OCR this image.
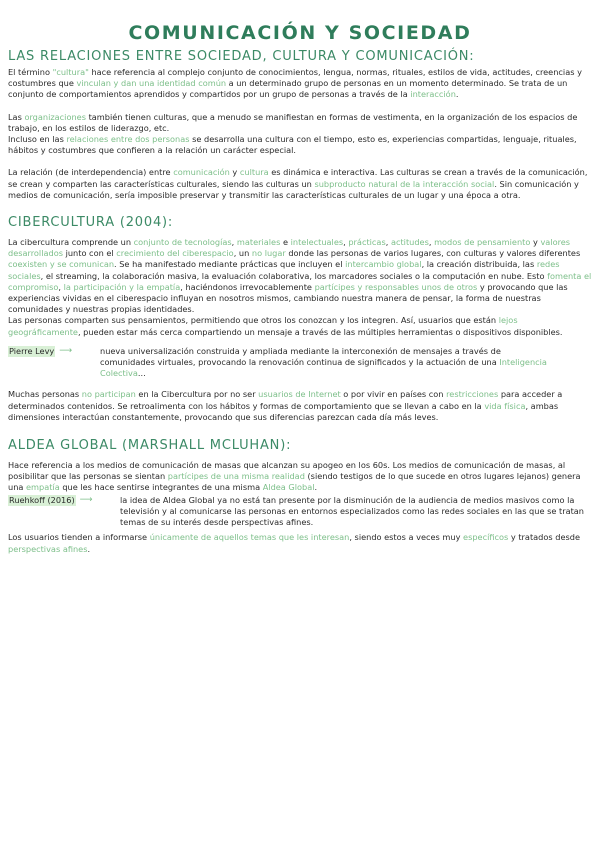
COMUNICACIÓN Y SOCIEDAD
LAS RELACIONES ENTRE SOCIEDAD, CULTURA Y COMUNICACIÓN:

El término "cultura" hace referencia al complejo conjunto de conocimientos, lengua, normas, rituales, estilos de vida, actitudes, creencias y costumbres que vinculan y dan una identidad común a un determinado grupo de personas en un momento determinado. Se trata de un conjunto de comportamientos aprendidos y compartidos por un grupo de personas a través de la interacción.

Las organizaciones también tienen culturas, que a menudo se manifiestan en formas de vestimenta, en la organización de los espacios de trabajo, en los estilos de liderazgo, etc.
Incluso en las relaciones entre dos personas se desarrolla una cultura con el tiempo, esto es, experiencias compartidas, lenguaje, rituales, hábitos y costumbres que confieren a la relación un carácter especial.

La relación (de interdependencia) entre comunicación y cultura es dinámica e interactiva. Las culturas se crean a través de la comunicación, se crean y comparten las características culturales, siendo las culturas un subproducto natural de la interacción social. Sin comunicación y medios de comunicación, sería imposible preservar y transmitir las características culturales de un lugar y una época a otra.

CIBERCULTURA (2004):

La cibercultura comprende un conjunto de tecnologías, materiales e intelectuales, prácticas, actitudes, modos de pensamiento y valores desarrollados junto con el crecimiento del ciberespacio, un no lugar donde las personas de varios lugares, con culturas y valores diferentes coexisten y se comunican. Se ha manifestado mediante prácticas que incluyen el intercambio global, la creación distribuida, las redes sociales, el streaming, la colaboración masiva, la evaluación colaborativa, los marcadores sociales o la computación en nube. Esto fomenta el compromiso, la participación y la empatía, haciéndonos irrevocablemente partícipes y responsables unos de otros y provocando que las experiencias vividas en el ciberespacio influyan en nosotros mismos, cambiando nuestra manera de pensar, la forma de nuestras comunidades y nuestras propias identidades.

Las personas comparten sus pensamientos, permitiendo que otros los conozcan y los integren. Así, usuarios que están lejos geográficamente, pueden estar más cerca compartiendo un mensaje a través de las múltiples herramientas o dispositivos disponibles.

Pierre Levy ⟶	nueva universalización construida y ampliada mediante la interconexión de mensajes a través de comunidades virtuales, provocando la renovación continua de significados y la actuación de una Inteligencia Colectiva...

Muchas personas no participan en la Cibercultura por no ser usuarios de Internet o por vivir en países con restricciones para acceder a determinados contenidos. Se retroalimenta con los hábitos y formas de comportamiento que se llevan a cabo en la vida física, ambas dimensiones interactúan constantemente, provocando que sus diferencias parezcan cada día más leves.

ALDEA GLOBAL (MARSHALL MCLUHAN):

Hace referencia a los medios de comunicación de masas que alcanzan su apogeo en los 60s. Los medios de comunicación de masas, al posibilitar que las personas se sientan partícipes de una misma realidad (siendo testigos de lo que sucede en otros lugares lejanos) genera una empatía que les hace sentirse integrantes de una misma Aldea Global.

Ruehkoff (2016) ⟶	la idea de Aldea Global ya no está tan presente por la disminución de la audiencia de medios masivos como la televisión y al comunicarse las personas en entornos especializados como las redes sociales en las que se tratan temas de su interés desde perspectivas afines.

Los usuarios tienden a informarse únicamente de aquellos temas que les interesan, siendo estos a veces muy específicos y tratados desde perspectivas afines.
